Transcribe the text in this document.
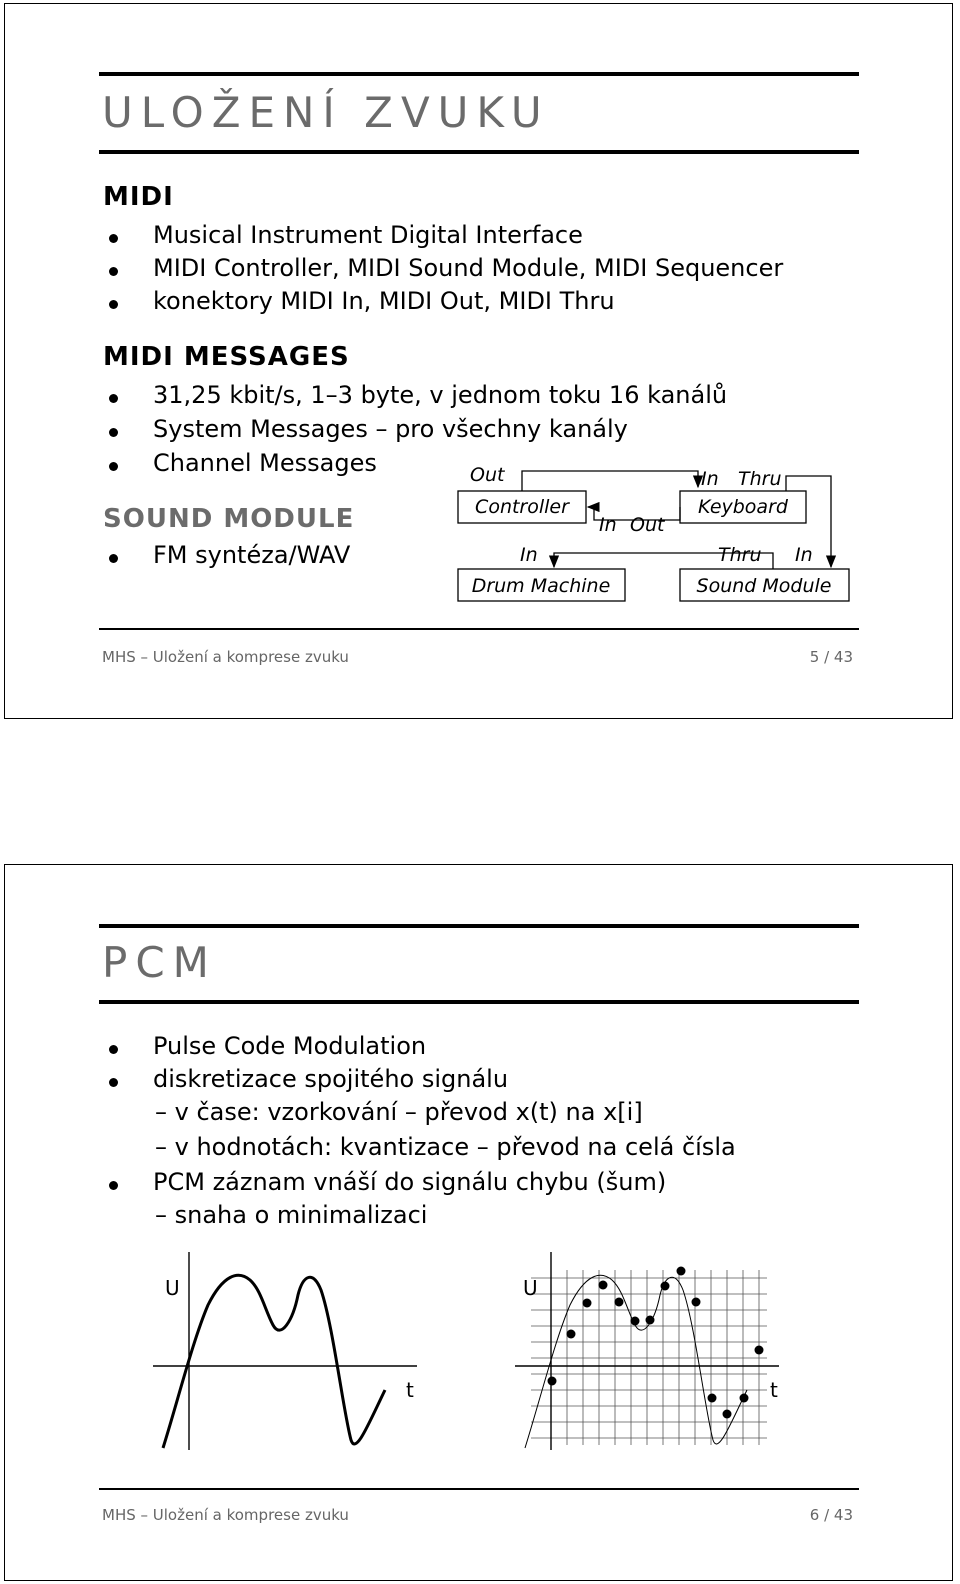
ULOŽENÍ ZVUKU
MIDI
Musical Instrument Digital Interface
MIDI Controller, MIDI Sound Module, MIDI Sequencer
konektory MIDI In, MIDI Out, MIDI Thru
MIDI MESSAGES
31,25 kbit/s, 1–3 byte, v jednom toku 16 kanálů
System Messages – pro všechny kanály
Channel Messages
SOUND MODULE
FM syntéza/WAV
Controller	Keyboard
Drum Machine	Sound Module
Out	In Thru
In Out
In	Thru In
MHS – Uložení a komprese zvuku	5 / 43
PCM
Pulse Code Modulation
diskretizace spojitého signálu
– v čase: vzorkování – převod x(t) na x[i]
– v hodnotách: kvantizace – převod na celá čísla
PCM záznam vnáší do signálu chybu (šum)
– snaha o minimalizaci
U
t
U
t
MHS – Uložení a komprese zvuku	6 / 43
